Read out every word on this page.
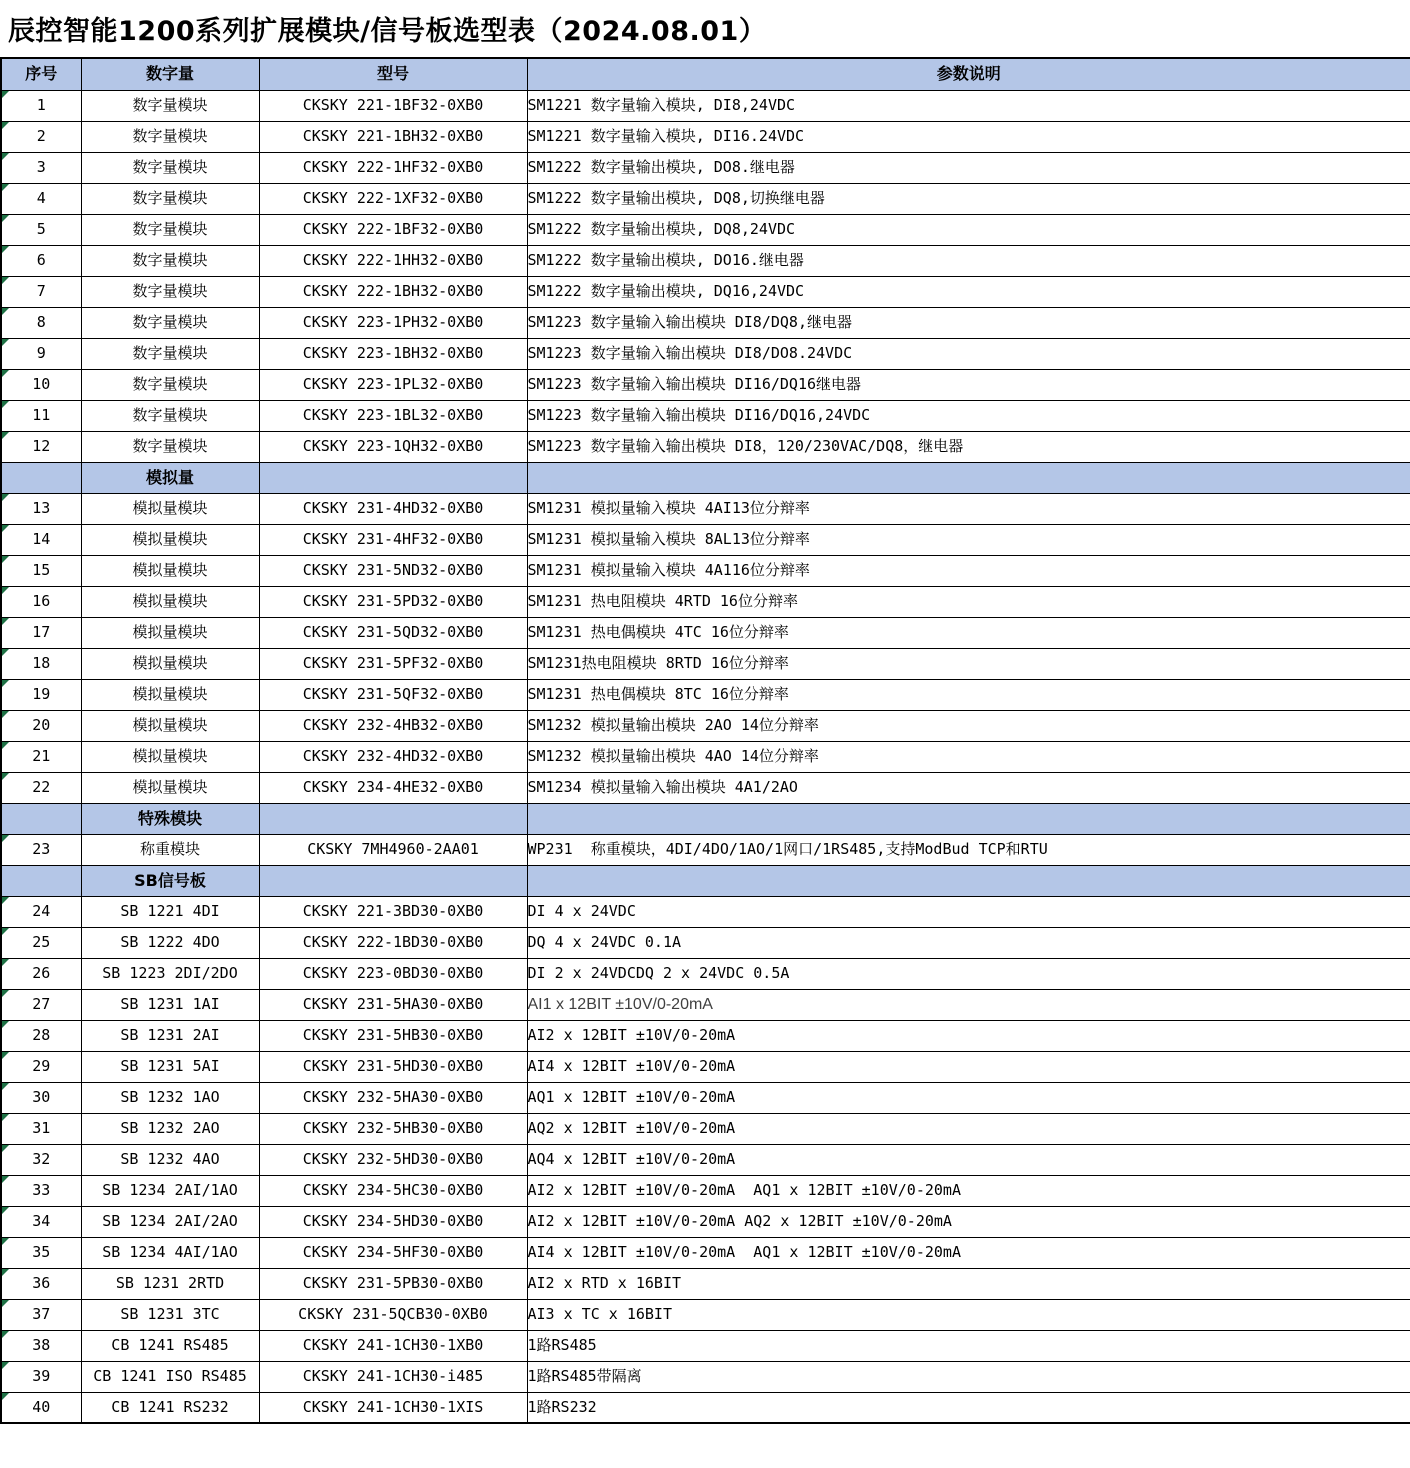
辰控智能1200系列扩展模块/信号板选型表（2024.08.01）
序号	数字量	型号	参数说明

1	数字量模块	CKSKY 221-1BF32-0XB0	SM1221 数字量输入模块, DI8,24VDC

2	数字量模块	CKSKY 221-1BH32-0XB0	SM1221 数字量输入模块, DI16.24VDC

3	数字量模块	CKSKY 222-1HF32-0XB0	SM1222 数字量输出模块, DO8.继电器

4	数字量模块	CKSKY 222-1XF32-0XB0	SM1222 数字量输出模块, DQ8,切换继电器

5	数字量模块	CKSKY 222-1BF32-0XB0	SM1222 数字量输出模块, DQ8,24VDC

6	数字量模块	CKSKY 222-1HH32-0XB0	SM1222 数字量输出模块, DO16.继电器

7	数字量模块	CKSKY 222-1BH32-0XB0	SM1222 数字量输出模块, DQ16,24VDC

8	数字量模块	CKSKY 223-1PH32-0XB0	SM1223 数字量输入输出模块 DI8/DQ8,继电器

9	数字量模块	CKSKY 223-1BH32-0XB0	SM1223 数字量输入输出模块 DI8/DO8.24VDC

10	数字量模块	CKSKY 223-1PL32-0XB0	SM1223 数字量输入输出模块 DI16/DQ16继电器

11	数字量模块	CKSKY 223-1BL32-0XB0	SM1223 数字量输入输出模块 DI16/DQ16,24VDC

12	数字量模块	CKSKY 223-1QH32-0XB0	SM1223 数字量输入输出模块 DI8，120/230VAC/DQ8，继电器
	模拟量		

13	模拟量模块	CKSKY 231-4HD32-0XB0	SM1231 模拟量输入模块 4AI13位分辩率

14	模拟量模块	CKSKY 231-4HF32-0XB0	SM1231 模拟量输入模块 8AL13位分辩率

15	模拟量模块	CKSKY 231-5ND32-0XB0	SM1231 模拟量输入模块 4A116位分辩率

16	模拟量模块	CKSKY 231-5PD32-0XB0	SM1231 热电阻模块 4RTD 16位分辩率

17	模拟量模块	CKSKY 231-5QD32-0XB0	SM1231 热电偶模块 4TC 16位分辩率

18	模拟量模块	CKSKY 231-5PF32-0XB0	SM1231热电阻模块 8RTD 16位分辩率

19	模拟量模块	CKSKY 231-5QF32-0XB0	SM1231 热电偶模块 8TC 16位分辩率

20	模拟量模块	CKSKY 232-4HB32-0XB0	SM1232 模拟量输出模块 2AO 14位分辩率

21	模拟量模块	CKSKY 232-4HD32-0XB0	SM1232 模拟量输出模块 4AO 14位分辩率

22	模拟量模块	CKSKY 234-4HE32-0XB0	SM1234 模拟量输入输出模块 4A1/2AO
	特殊模块		

23	称重模块	CKSKY 7MH4960-2AA01	WP231  称重模块，4DI/4DO/1AO/1网口/1RS485,支持ModBud TCP和RTU
	SB信号板		

24	SB 1221 4DI	CKSKY 221-3BD30-0XB0	DI 4 x 24VDC

25	SB 1222 4DO	CKSKY 222-1BD30-0XB0	DQ 4 x 24VDC 0.1A

26	SB 1223 2DI/2DO	CKSKY 223-0BD30-0XB0	DI 2 x 24VDCDQ 2 x 24VDC 0.5A

27	SB 1231 1AI	CKSKY 231-5HA30-0XB0	AI1 x 12BIT ±10V/0-20mA

28	SB 1231 2AI	CKSKY 231-5HB30-0XB0	AI2 x 12BIT ±10V/0-20mA

29	SB 1231 5AI	CKSKY 231-5HD30-0XB0	AI4 x 12BIT ±10V/0-20mA

30	SB 1232 1AO	CKSKY 232-5HA30-0XB0	AQ1 x 12BIT ±10V/0-20mA

31	SB 1232 2AO	CKSKY 232-5HB30-0XB0	AQ2 x 12BIT ±10V/0-20mA

32	SB 1232 4AO	CKSKY 232-5HD30-0XB0	AQ4 x 12BIT ±10V/0-20mA

33	SB 1234 2AI/1AO	CKSKY 234-5HC30-0XB0	AI2 x 12BIT ±10V/0-20mA  AQ1 x 12BIT ±10V/0-20mA

34	SB 1234 2AI/2AO	CKSKY 234-5HD30-0XB0	AI2 x 12BIT ±10V/0-20mA AQ2 x 12BIT ±10V/0-20mA

35	SB 1234 4AI/1AO	CKSKY 234-5HF30-0XB0	AI4 x 12BIT ±10V/0-20mA  AQ1 x 12BIT ±10V/0-20mA

36	SB 1231 2RTD	CKSKY 231-5PB30-0XB0	AI2 x RTD x 16BIT

37	SB 1231 3TC	CKSKY 231-5QCB30-0XB0	AI3 x TC x 16BIT

38	CB 1241 RS485	CKSKY 241-1CH30-1XB0	1路RS485

39	CB 1241 ISO RS485	CKSKY 241-1CH30-i485	1路RS485带隔离

40	CB 1241 RS232	CKSKY 241-1CH30-1XIS	1路RS232
